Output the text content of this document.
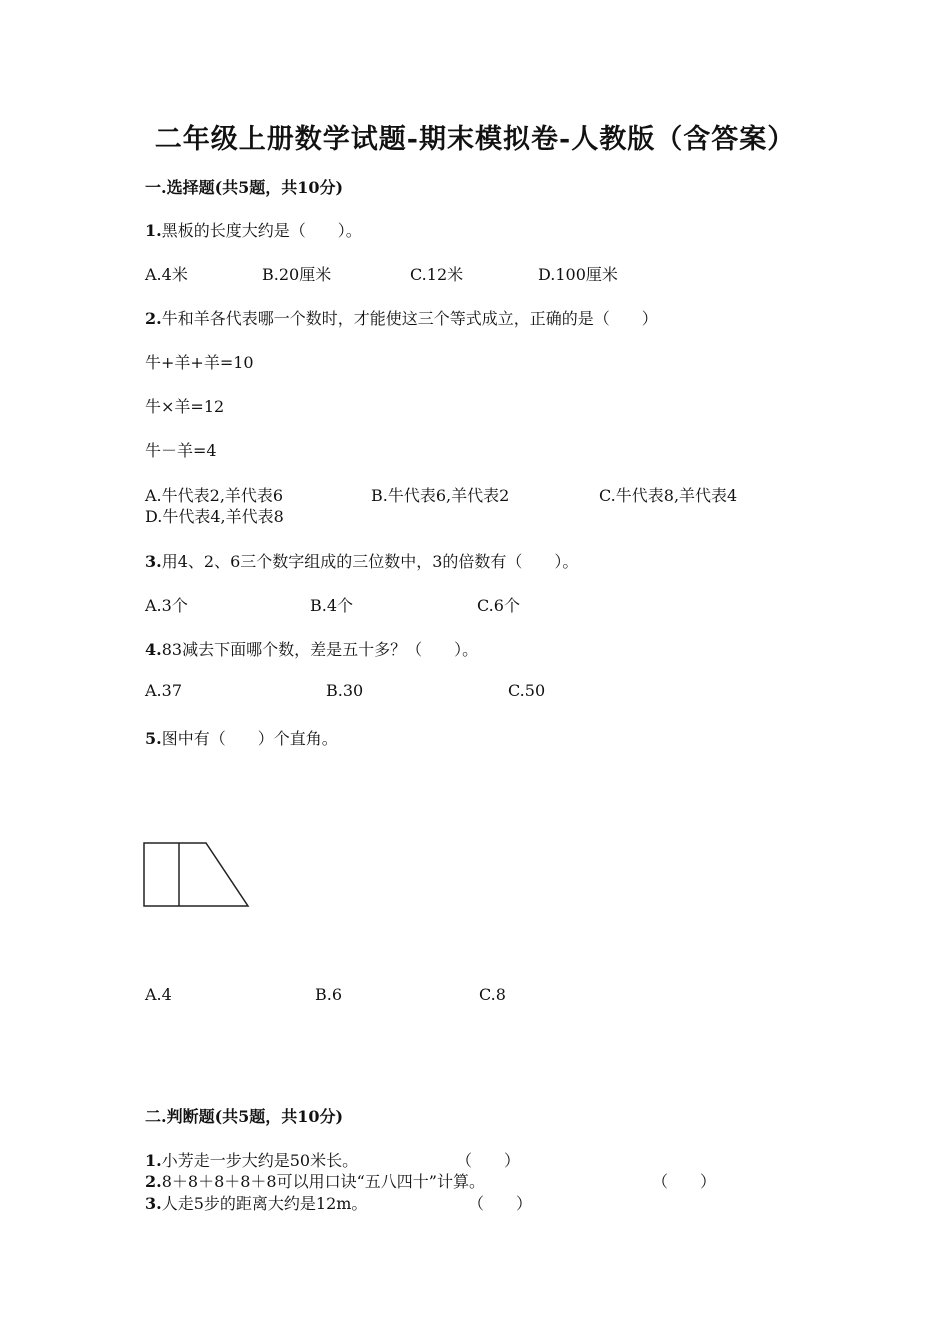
二年级上册数学试题-期末模拟卷-人教版（含答案）
一.选择题(共5题，共10分)
1.黑板的长度大约是（　　）。
A.4米	B.20厘米	C.12米	D.100厘米
2.牛和羊各代表哪一个数时，才能使这三个等式成立，正确的是（　　）
牛+羊+羊=10
牛×羊=12
牛－羊=4
A.牛代表2,羊代表6	B.牛代表6,羊代表2	C.牛代表8,羊代表4
D.牛代表4,羊代表8
3.用4、2、6三个数字组成的三位数中，3的倍数有（　　）。
A.3个	B.4个	C.6个
4.83减去下面哪个数，差是五十多？（　　）。
A.37	B.30	C.50
5.图中有（　　）个直角。
A.4	B.6	C.8
二.判断题(共5题，共10分)
1.小芳走一步大约是50米长。	（　　）
2.8＋8＋8＋8＋8可以用口诀“五八四十”计算。	（　　）
3.人走5步的距离大约是12m。	（　　）
